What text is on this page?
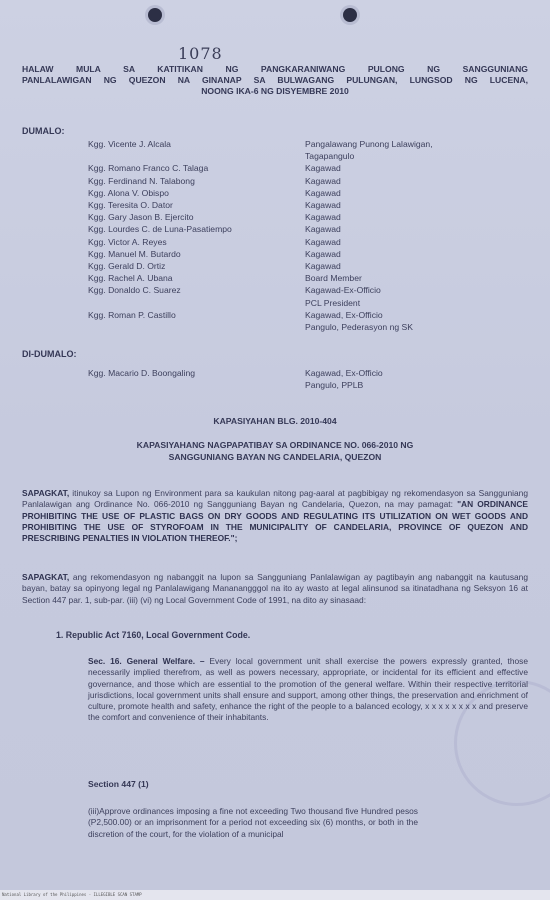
1078
HALAW MULA SA KATITIKAN NG PANGKARANIWANG PULONG NG SANGGUNIANG
PANLALAWIGAN NG QUEZON NA GINANAP SA BULWAGANG PULUNGAN, LUNGSOD NG LUCENA,
NOONG IKA-6 NG DISYEMBRE 2010
DUMALO:
Kgg. Vicente J. Alcala	Pangalawang Punong Lalawigan,
Tagapangulo
Kgg. Romano Franco C. Talaga	Kagawad
Kgg. Ferdinand N. Talabong	Kagawad
Kgg. Alona V. Obispo	Kagawad
Kgg. Teresita O. Dator	Kagawad
Kgg. Gary Jason B. Ejercito	Kagawad
Kgg. Lourdes C. de Luna-Pasatiempo	Kagawad
Kgg. Victor A. Reyes	Kagawad
Kgg. Manuel M. Butardo	Kagawad
Kgg. Gerald D. Ortiz	Kagawad
Kgg. Rachel A. Ubana	Board Member
Kgg. Donaldo C. Suarez	Kagawad-Ex-Officio
PCL President
Kgg. Roman P. Castillo	Kagawad, Ex-Officio
Pangulo, Pederasyon ng SK
DI-DUMALO:
Kgg. Macario D. Boongaling	Kagawad, Ex-Officio
Pangulo, PPLB
KAPASIYAHAN BLG. 2010-404
KAPASIYAHANG NAGPAPATIBAY SA ORDINANCE NO. 066-2010 NG
SANGGUNIANG BAYAN NG CANDELARIA, QUEZON
SAPAGKAT, itinukoy sa Lupon ng Environment para sa kaukulan nitong pag-aaral at pagbibigay ng rekomendasyon sa Sangguniang Panlalawigan ang Ordinance No. 066-2010 ng Sangguniang Bayan ng Candelaria, Quezon, na may pamagat: "AN ORDINANCE PROHIBITING THE USE OF PLASTIC BAGS ON DRY GOODS AND REGULATING ITS UTILIZATION ON WET GOODS AND PROHIBITING THE USE OF STYROFOAM IN THE MUNICIPALITY OF CANDELARIA, PROVINCE OF QUEZON AND PRESCRIBING PENALTIES IN VIOLATION THEREOF.";
SAPAGKAT, ang rekomendasyon ng nabanggit na lupon sa Sangguniang Panlalawigan ay pagtibayin ang nabanggit na kautusang bayan, batay sa opinyong legal ng Panlalawigang Mananangggol na ito ay wasto at legal alinsunod sa itinatadhana ng Seksyon 16 at Section 447 par. 1, sub-par. (iii) (vi) ng Local Government Code of 1991, na dito ay sinasaad:
1. Republic Act 7160, Local Government Code.
Sec. 16. General Welfare. – Every local government unit shall exercise the powers expressly granted, those necessarily implied therefrom, as well as powers necessary, appropriate, or incidental for its efficient and effective governance, and those which are essential to the promotion of the general welfare. Within their respective territorial jurisdictions, local government units shall ensure and support, among other things, the preservation and enrichment of culture, promote health and safety, enhance the right of the people to a balanced ecology, x x x x x x x x and preserve the comfort and convenience of their inhabitants.
Section 447 (1)
(iii)Approve ordinances imposing a fine not exceeding Two thousand five Hundred pesos (P2,500.00) or an imprisonment for a period not exceeding six (6) months, or both in the discretion of the court, for the violation of a municipal
National Library of the Philippines · ILLEGIBLE SCAN STAMP
